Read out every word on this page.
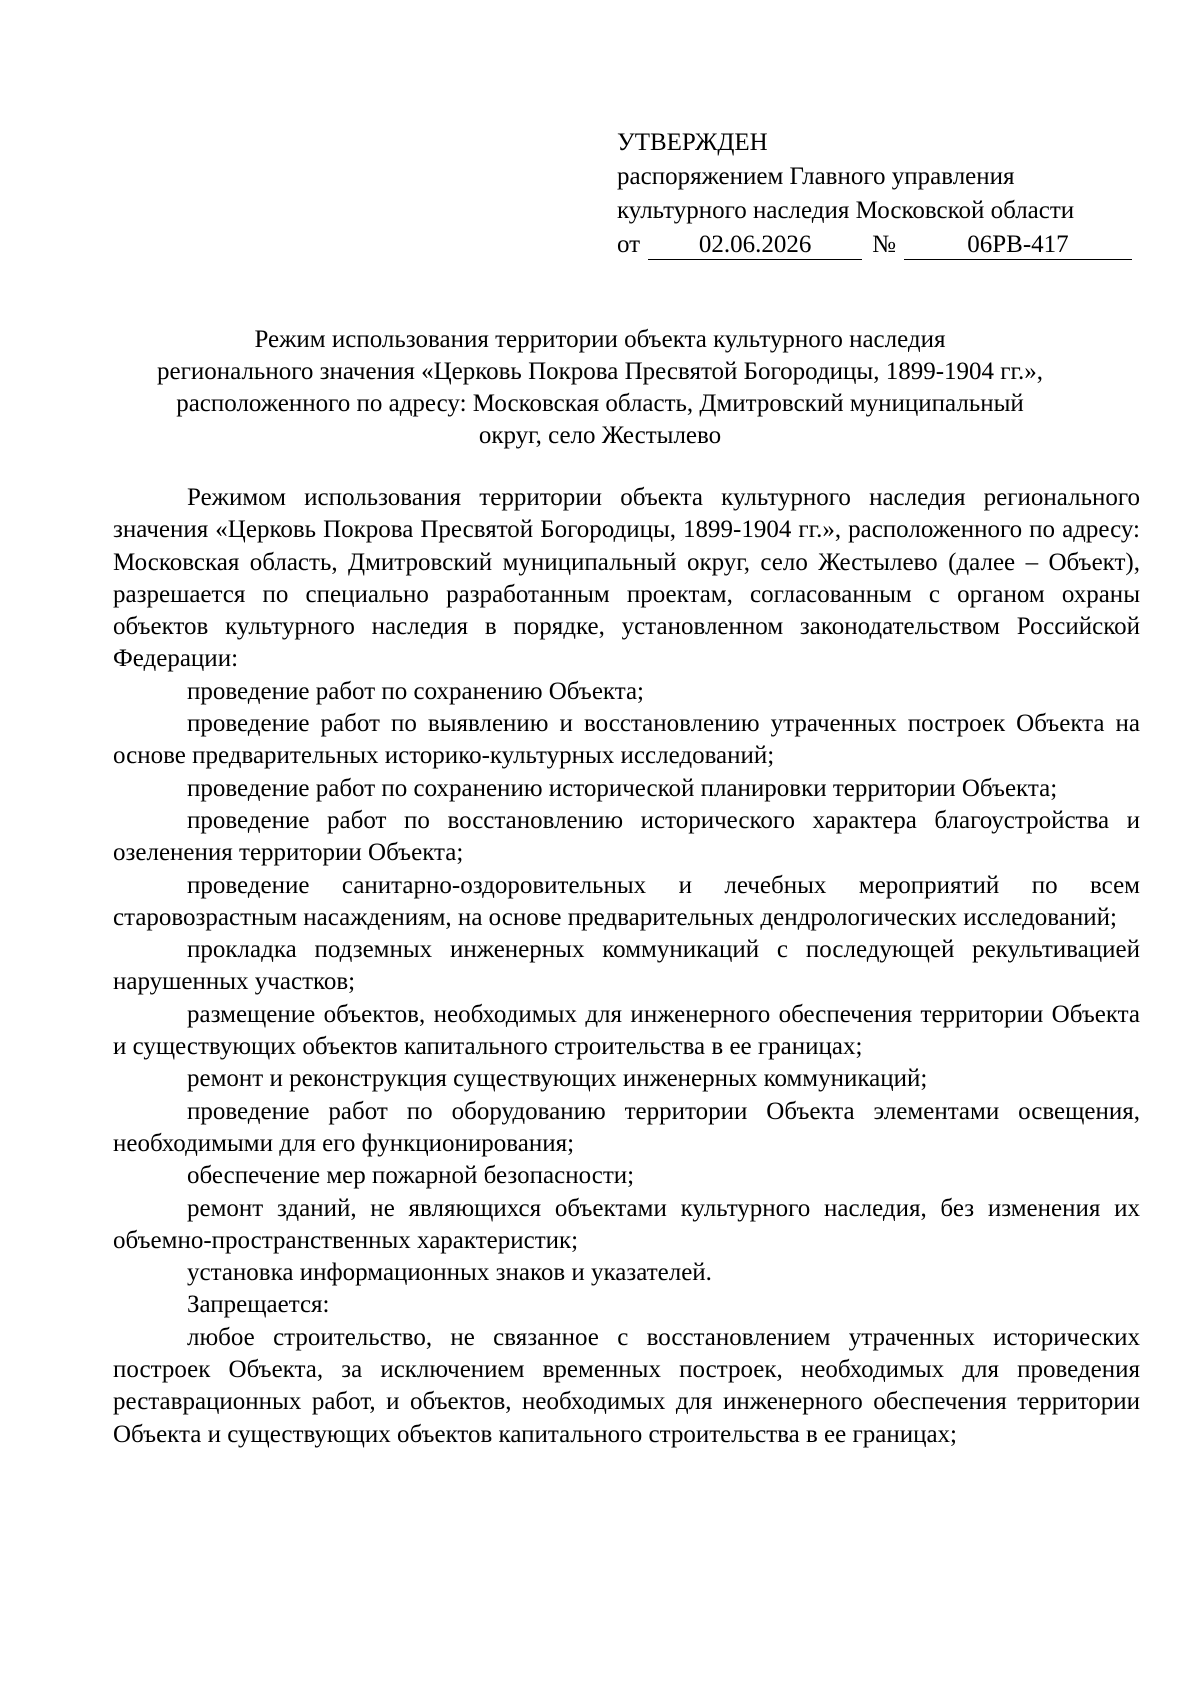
УТВЕРЖДЕН
распоряжением Главного управления
культурного наследия Московской области
от	02.06.2026	№	06РВ-417
Режим использования территории объекта культурного наследия
регионального значения «Церковь Покрова Пресвятой Богородицы, 1899-1904 гг.»,
расположенного по адресу: Московская область, Дмитровский муниципальный
округ, село Жестылево

Режимом использования территории объекта культурного наследия регионального значения «Церковь Покрова Пресвятой Богородицы, 1899-1904 гг.», расположенного по адресу: Московская область, Дмитровский муниципальный округ, село Жестылево (далее – Объект), разрешается по специально разработанным проектам, согласованным с органом охраны объектов культурного наследия в порядке, установленном законодательством Российской Федерации:

проведение работ по сохранению Объекта;

проведение работ по выявлению и восстановлению утраченных построек Объекта на основе предварительных историко-культурных исследований;

проведение работ по сохранению исторической планировки территории Объекта;

проведение работ по восстановлению исторического характера благоустройства и озеленения территории Объекта;

проведение санитарно-оздоровительных и лечебных мероприятий по всем старовозрастным насаждениям, на основе предварительных дендрологических исследований;

прокладка подземных инженерных коммуникаций с последующей рекультивацией нарушенных участков;

размещение объектов, необходимых для инженерного обеспечения территории Объекта и существующих объектов капитального строительства в ее границах;

ремонт и реконструкция существующих инженерных коммуникаций;

проведение работ по оборудованию территории Объекта элементами освещения, необходимыми для его функционирования;

обеспечение мер пожарной безопасности;

ремонт зданий, не являющихся объектами культурного наследия, без изменения их объемно-пространственных характеристик;

установка информационных знаков и указателей.

Запрещается:

любое строительство, не связанное с восстановлением утраченных исторических построек Объекта, за исключением временных построек, необходимых для проведения реставрационных работ, и объектов, необходимых для инженерного обеспечения территории Объекта и существующих объектов капитального строительства в ее границах;
